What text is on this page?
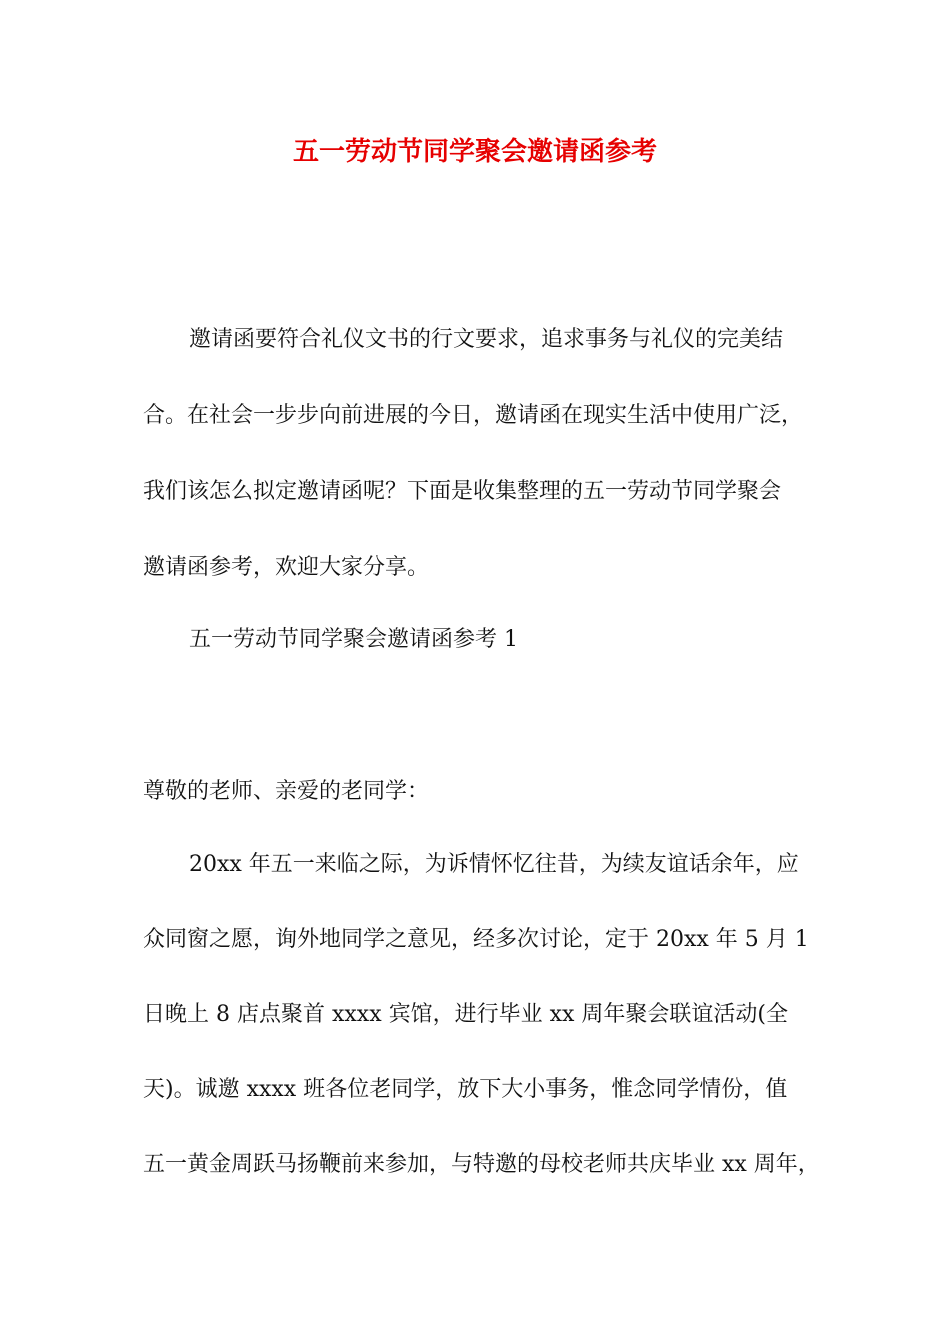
五一劳动节同学聚会邀请函参考
邀请函要符合礼仪文书的行文要求，追求事务与礼仪的完美结
合。在社会一步步向前进展的今日，邀请函在现实生活中使用广泛，
我们该怎么拟定邀请函呢？下面是收集整理的五一劳动节同学聚会
邀请函参考，欢迎大家分享。
五一劳动节同学聚会邀请函参考 1
尊敬的老师、亲爱的老同学：
20xx 年五一来临之际，为诉情怀忆往昔，为续友谊话余年，应
众同窗之愿，询外地同学之意见，经多次讨论，定于 20xx 年 5 月 1
日晚上 8 店点聚首 xxxx 宾馆，进行毕业 xx 周年聚会联谊活动(全
天)。诚邀 xxxx 班各位老同学，放下大小事务，惟念同学情份，值
五一黄金周跃马扬鞭前来参加，与特邀的母校老师共庆毕业 xx 周年，
